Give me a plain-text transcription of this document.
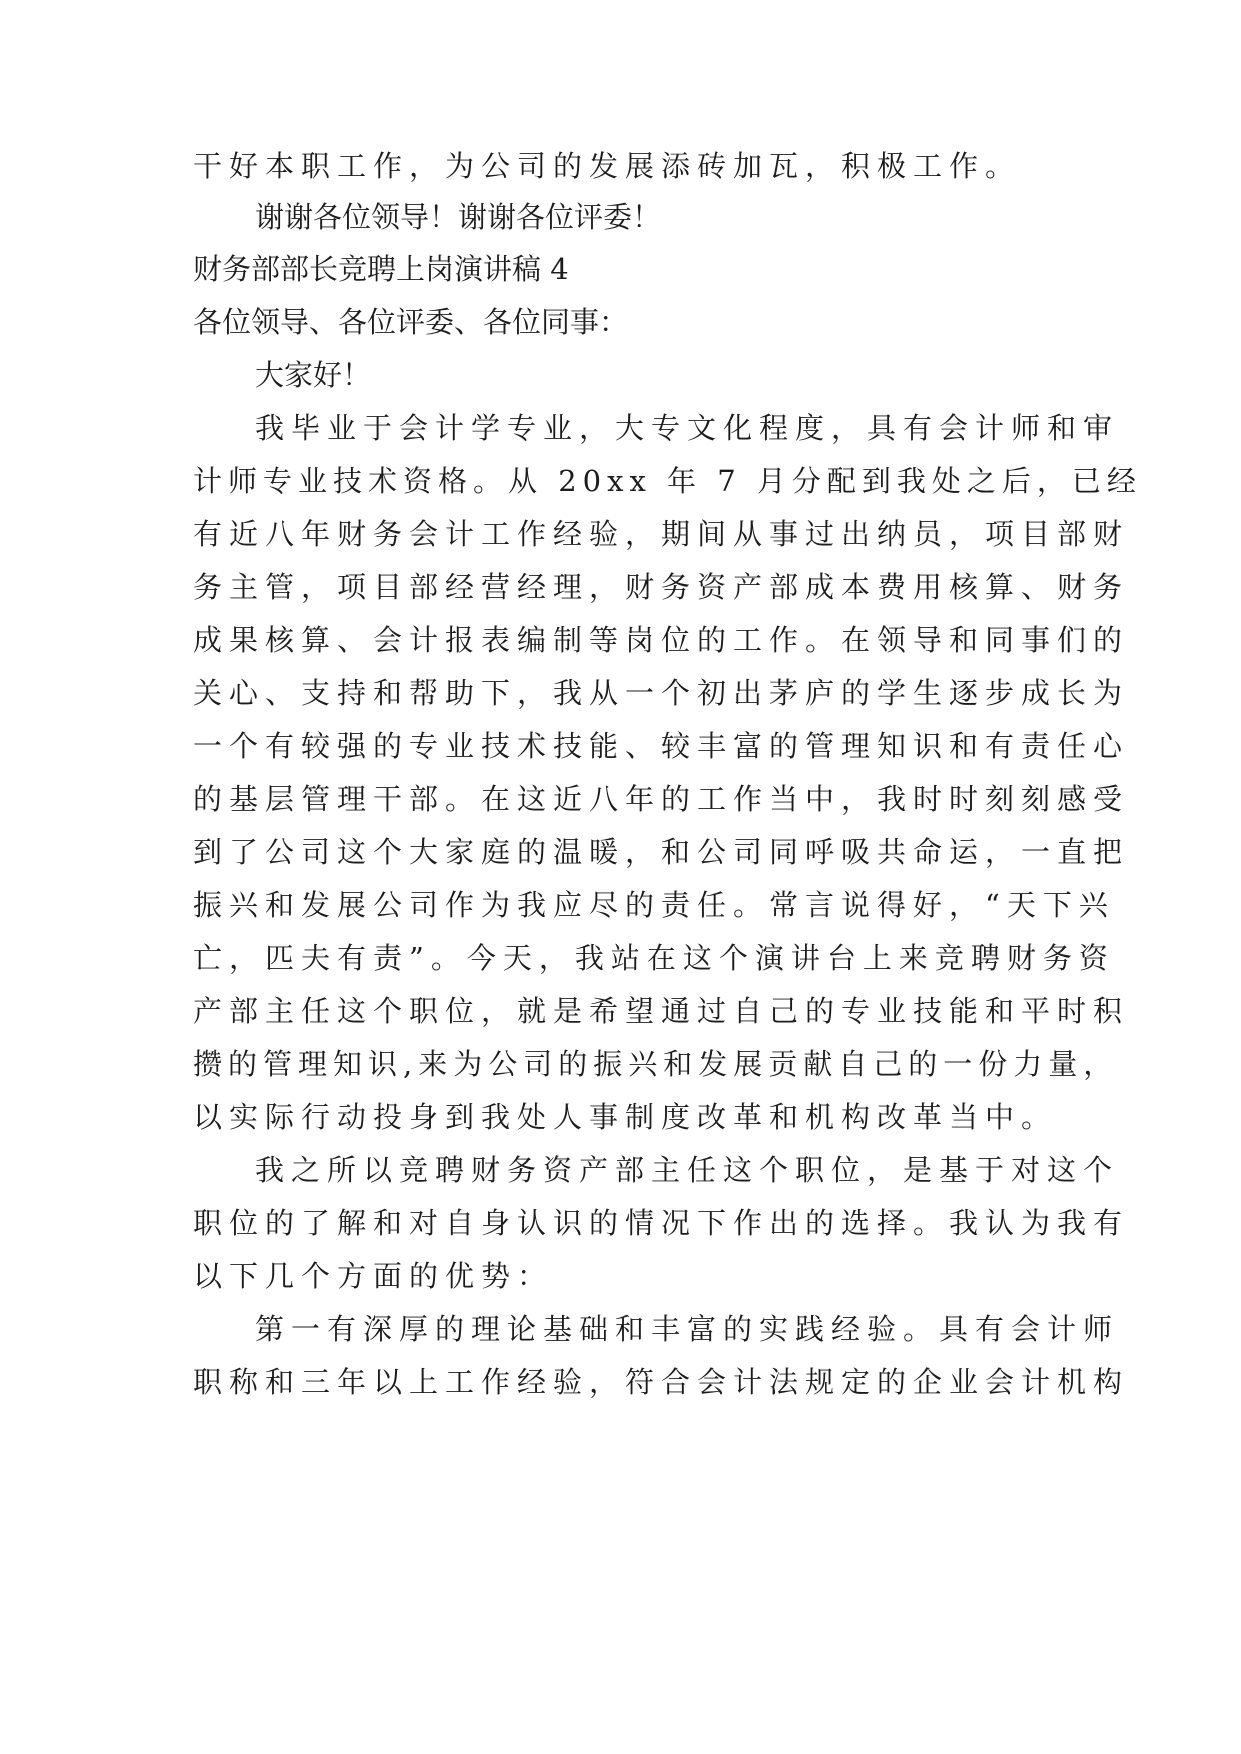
干好本职工作，为公司的发展添砖加瓦，积极工作。

谢谢各位领导！谢谢各位评委！

财务部部长竞聘上岗演讲稿 4

各位领导、各位评委、各位同事：

大家好！

我毕业于会计学专业，大专文化程度，具有会计师和审

计师专业技术资格。从 20xx 年 7 月分配到我处之后，已经

有近八年财务会计工作经验，期间从事过出纳员，项目部财

务主管，项目部经营经理，财务资产部成本费用核算、财务

成果核算、会计报表编制等岗位的工作。在领导和同事们的

关心、支持和帮助下，我从一个初出茅庐的学生逐步成长为

一个有较强的专业技术技能、较丰富的管理知识和有责任心

的基层管理干部。在这近八年的工作当中，我时时刻刻感受

到了公司这个大家庭的温暖，和公司同呼吸共命运，一直把

振兴和发展公司作为我应尽的责任。常言说得好，“天下兴

亡，匹夫有责”。今天，我站在这个演讲台上来竞聘财务资

产部主任这个职位，就是希望通过自己的专业技能和平时积

攒的管理知识,来为公司的振兴和发展贡献自己的一份力量，

以实际行动投身到我处人事制度改革和机构改革当中。

我之所以竞聘财务资产部主任这个职位，是基于对这个

职位的了解和对自身认识的情况下作出的选择。我认为我有

以下几个方面的优势：

第一有深厚的理论基础和丰富的实践经验。具有会计师

职称和三年以上工作经验，符合会计法规定的企业会计机构
